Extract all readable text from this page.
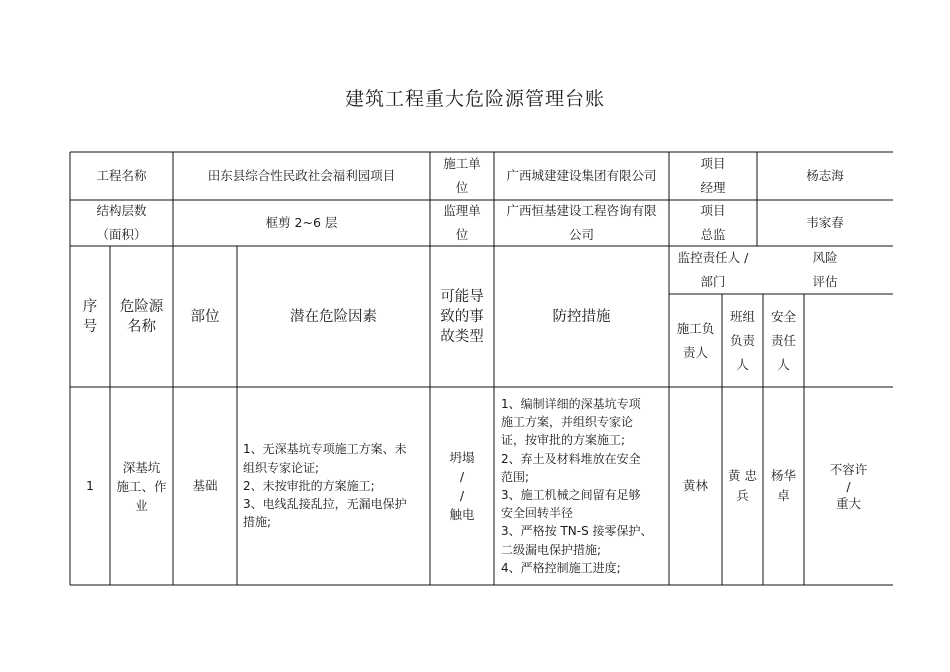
建筑工程重大危险源管理台账
工程名称	田东县综合性民政社会福利园项目
施工单
位
广西城建建设集团有限公司
项目
经理
杨志海
结构层数
（面积）
框剪 2~6 层
监理单
位
广西恒基建设工程咨询有限
公司
项目
总监
韦家春
序
号
危险源
名称
部位	潜在危险因素
可能导
致的事
故类型
防控措施
监控责任人 /
部门
风险
评估
施工负
责人
班组
负责
人
安全
责任
人
1
深基坑
施工、作
业
基础
1、无深基坑专项施工方案、未
组织专家论证;
2、未按审批的方案施工;
3、电线乱接乱拉，无漏电保护
措施;
坍塌
/
/
触电
1、编制详细的深基坑专项
施工方案，并组织专家论
证，按审批的方案施工;
2、弃土及材料堆放在安全
范围;
3、施工机械之间留有足够
安全回转半径
3、严格按 TN-S 接零保护、
二级漏电保护措施;
4、严格控制施工进度;
黄林
黄 忠
兵
杨华
卓
不容许
/
重大
